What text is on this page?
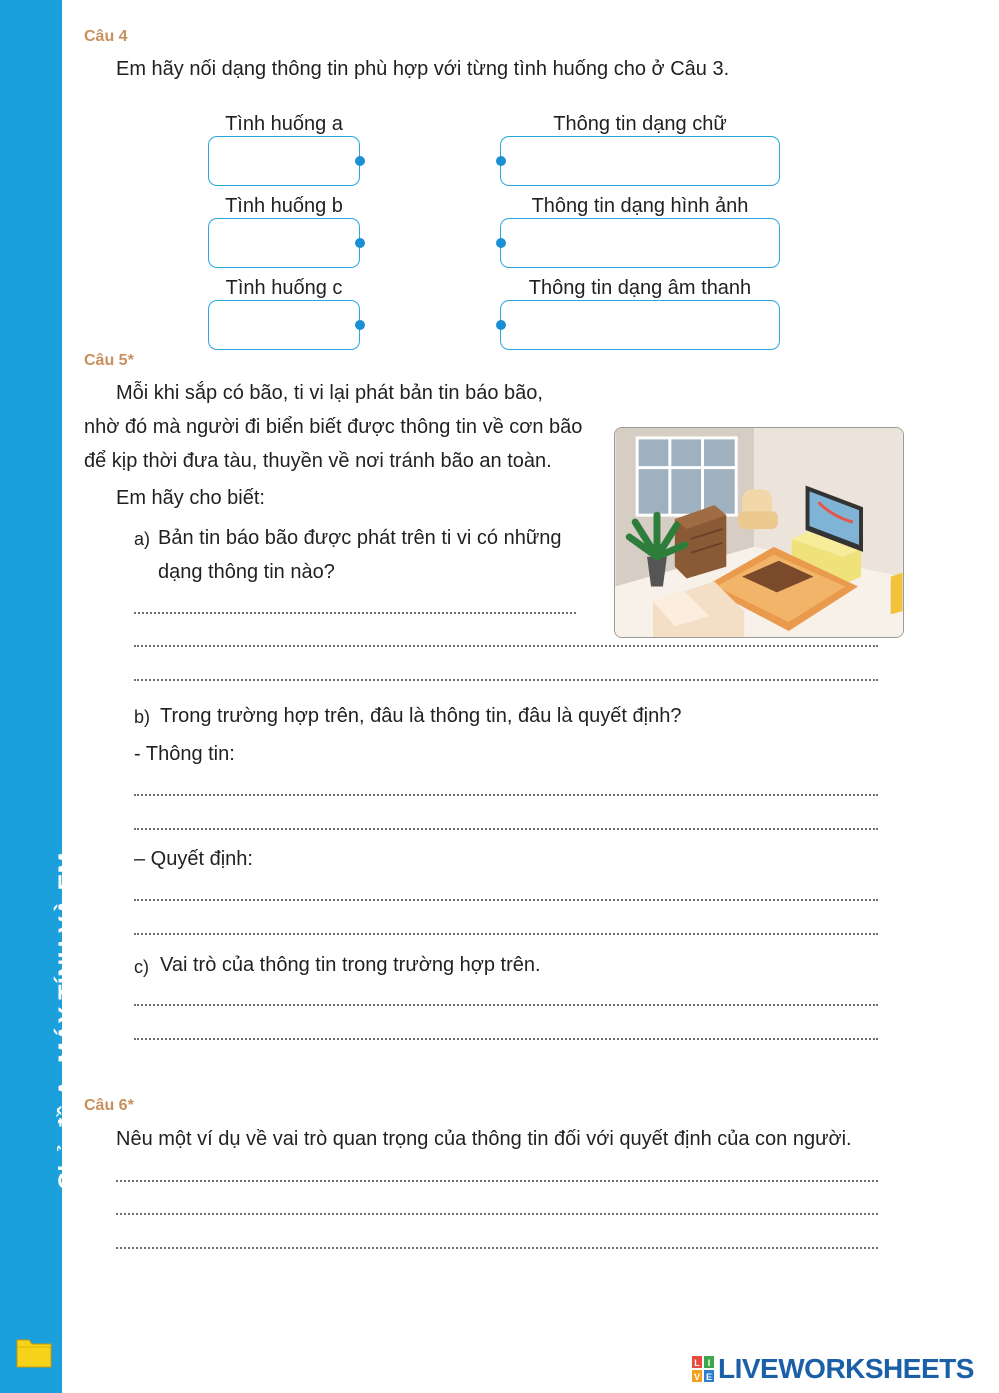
Chủ đề A: MÁY TÍNH VÀ EM
Câu 4
Em hãy nối dạng thông tin phù hợp với từng tình huống cho ở Câu 3.
Tình huống a
Tình huống b
Tình huống c
Thông tin dạng chữ
Thông tin dạng hình ảnh
Thông tin dạng âm thanh
Câu 5*
Mỗi khi sắp có bão, ti vi lại phát bản tin báo bão,
nhờ đó mà người đi biển biết được thông tin về cơn bão
để kịp thời đưa tàu, thuyền về nơi tránh bão an toàn.
Em hãy cho biết:
a) Bản tin báo bão được phát trên ti vi có những
dạng thông tin nào?
b) Trong trường hợp trên, đâu là thông tin, đâu là quyết định?
- Thông tin:
– Quyết định:
c) Vai trò của thông tin trong trường hợp trên.
Câu 6*
Nêu một ví dụ về vai trò quan trọng của thông tin đối với quyết định của con người.
L I
V E LIVEWORKSHEETS
